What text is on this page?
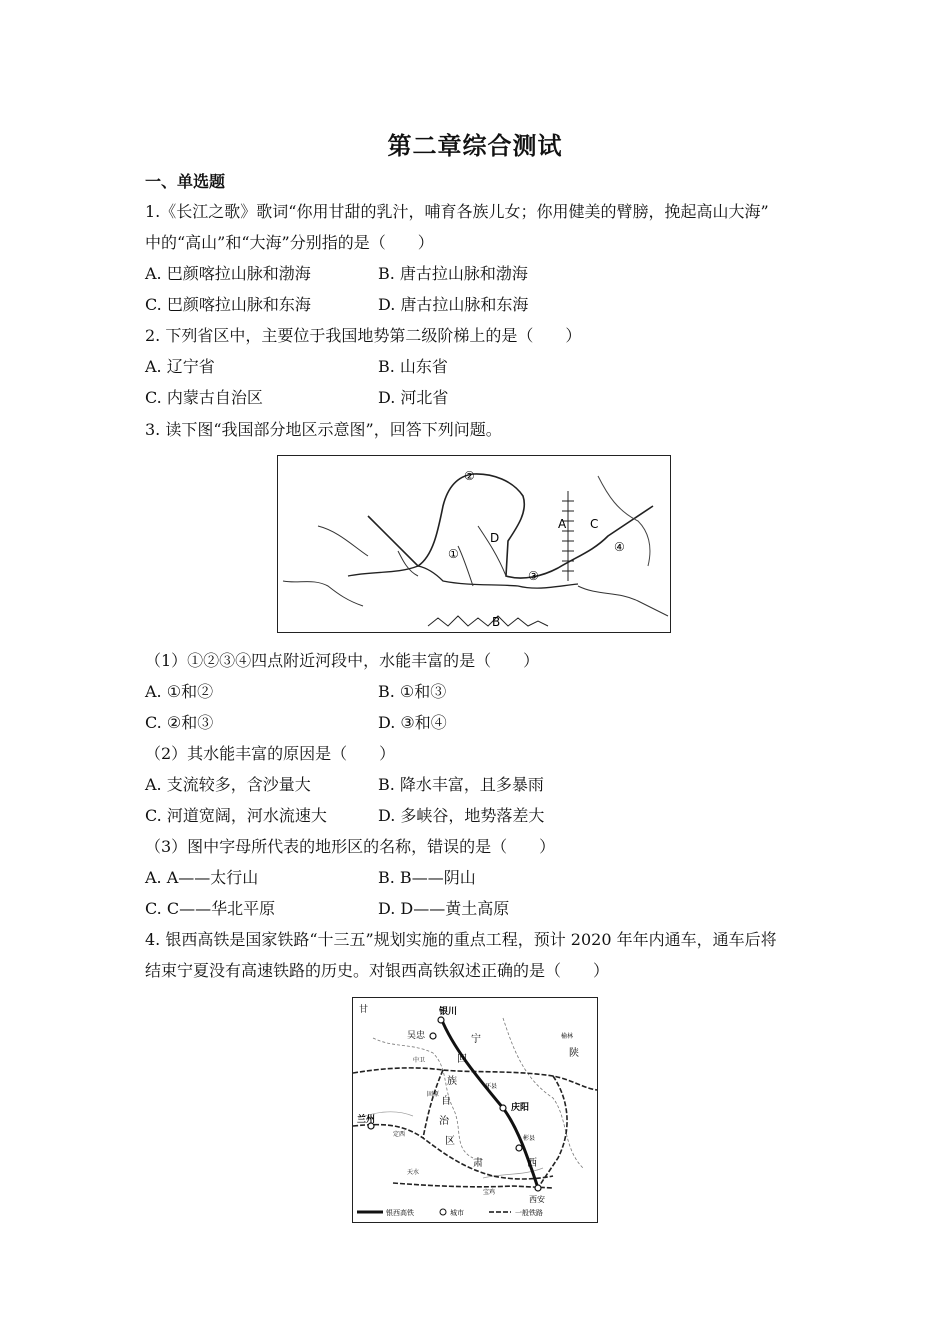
第二章综合测试
一、单选题
1.《长江之歌》歌词“你用甘甜的乳汁，哺育各族儿女；你用健美的臂膀，挽起高山大海”
中的“高山”和“大海”分别指的是（　　）
A. 巴颜喀拉山脉和渤海	B. 唐古拉山脉和渤海
C. 巴颜喀拉山脉和东海	D. 唐古拉山脉和东海
2. 下列省区中，主要位于我国地势第二级阶梯上的是（　　）
A. 辽宁省	B. 山东省
C. 内蒙古自治区	D. 河北省
3. 读下图“我国部分地区示意图”，回答下列问题。
①
②
③
④
A
B
C
D
（1）①②③④四点附近河段中，水能丰富的是（　　）
A. ①和②	B. ①和③
C. ②和③	D. ③和④
（2）其水能丰富的原因是（　　）
A. 支流较多，含沙量大	B. 降水丰富，且多暴雨
C. 河道宽阔，河水流速大	D. 多峡谷，地势落差大
（3）图中字母所代表的地形区的名称，错误的是（　　）
A. A——太行山	B. B——阴山
C. C——华北平原	D. D——黄土高原
4. 银西高铁是国家铁路“十三五”规划实施的重点工程，预计 2020 年年内通车，通车后将
结束宁夏没有高速铁路的历史。对银西高铁叙述正确的是（　　）
甘	银川
吴忠	宁
回
族
自
治
区
兰州
庆阳
陕
肃	西
西安
榆林
环县
彬县
定西
中卫
固原
宝鸡
天水
银西高铁	城市	一般铁路
